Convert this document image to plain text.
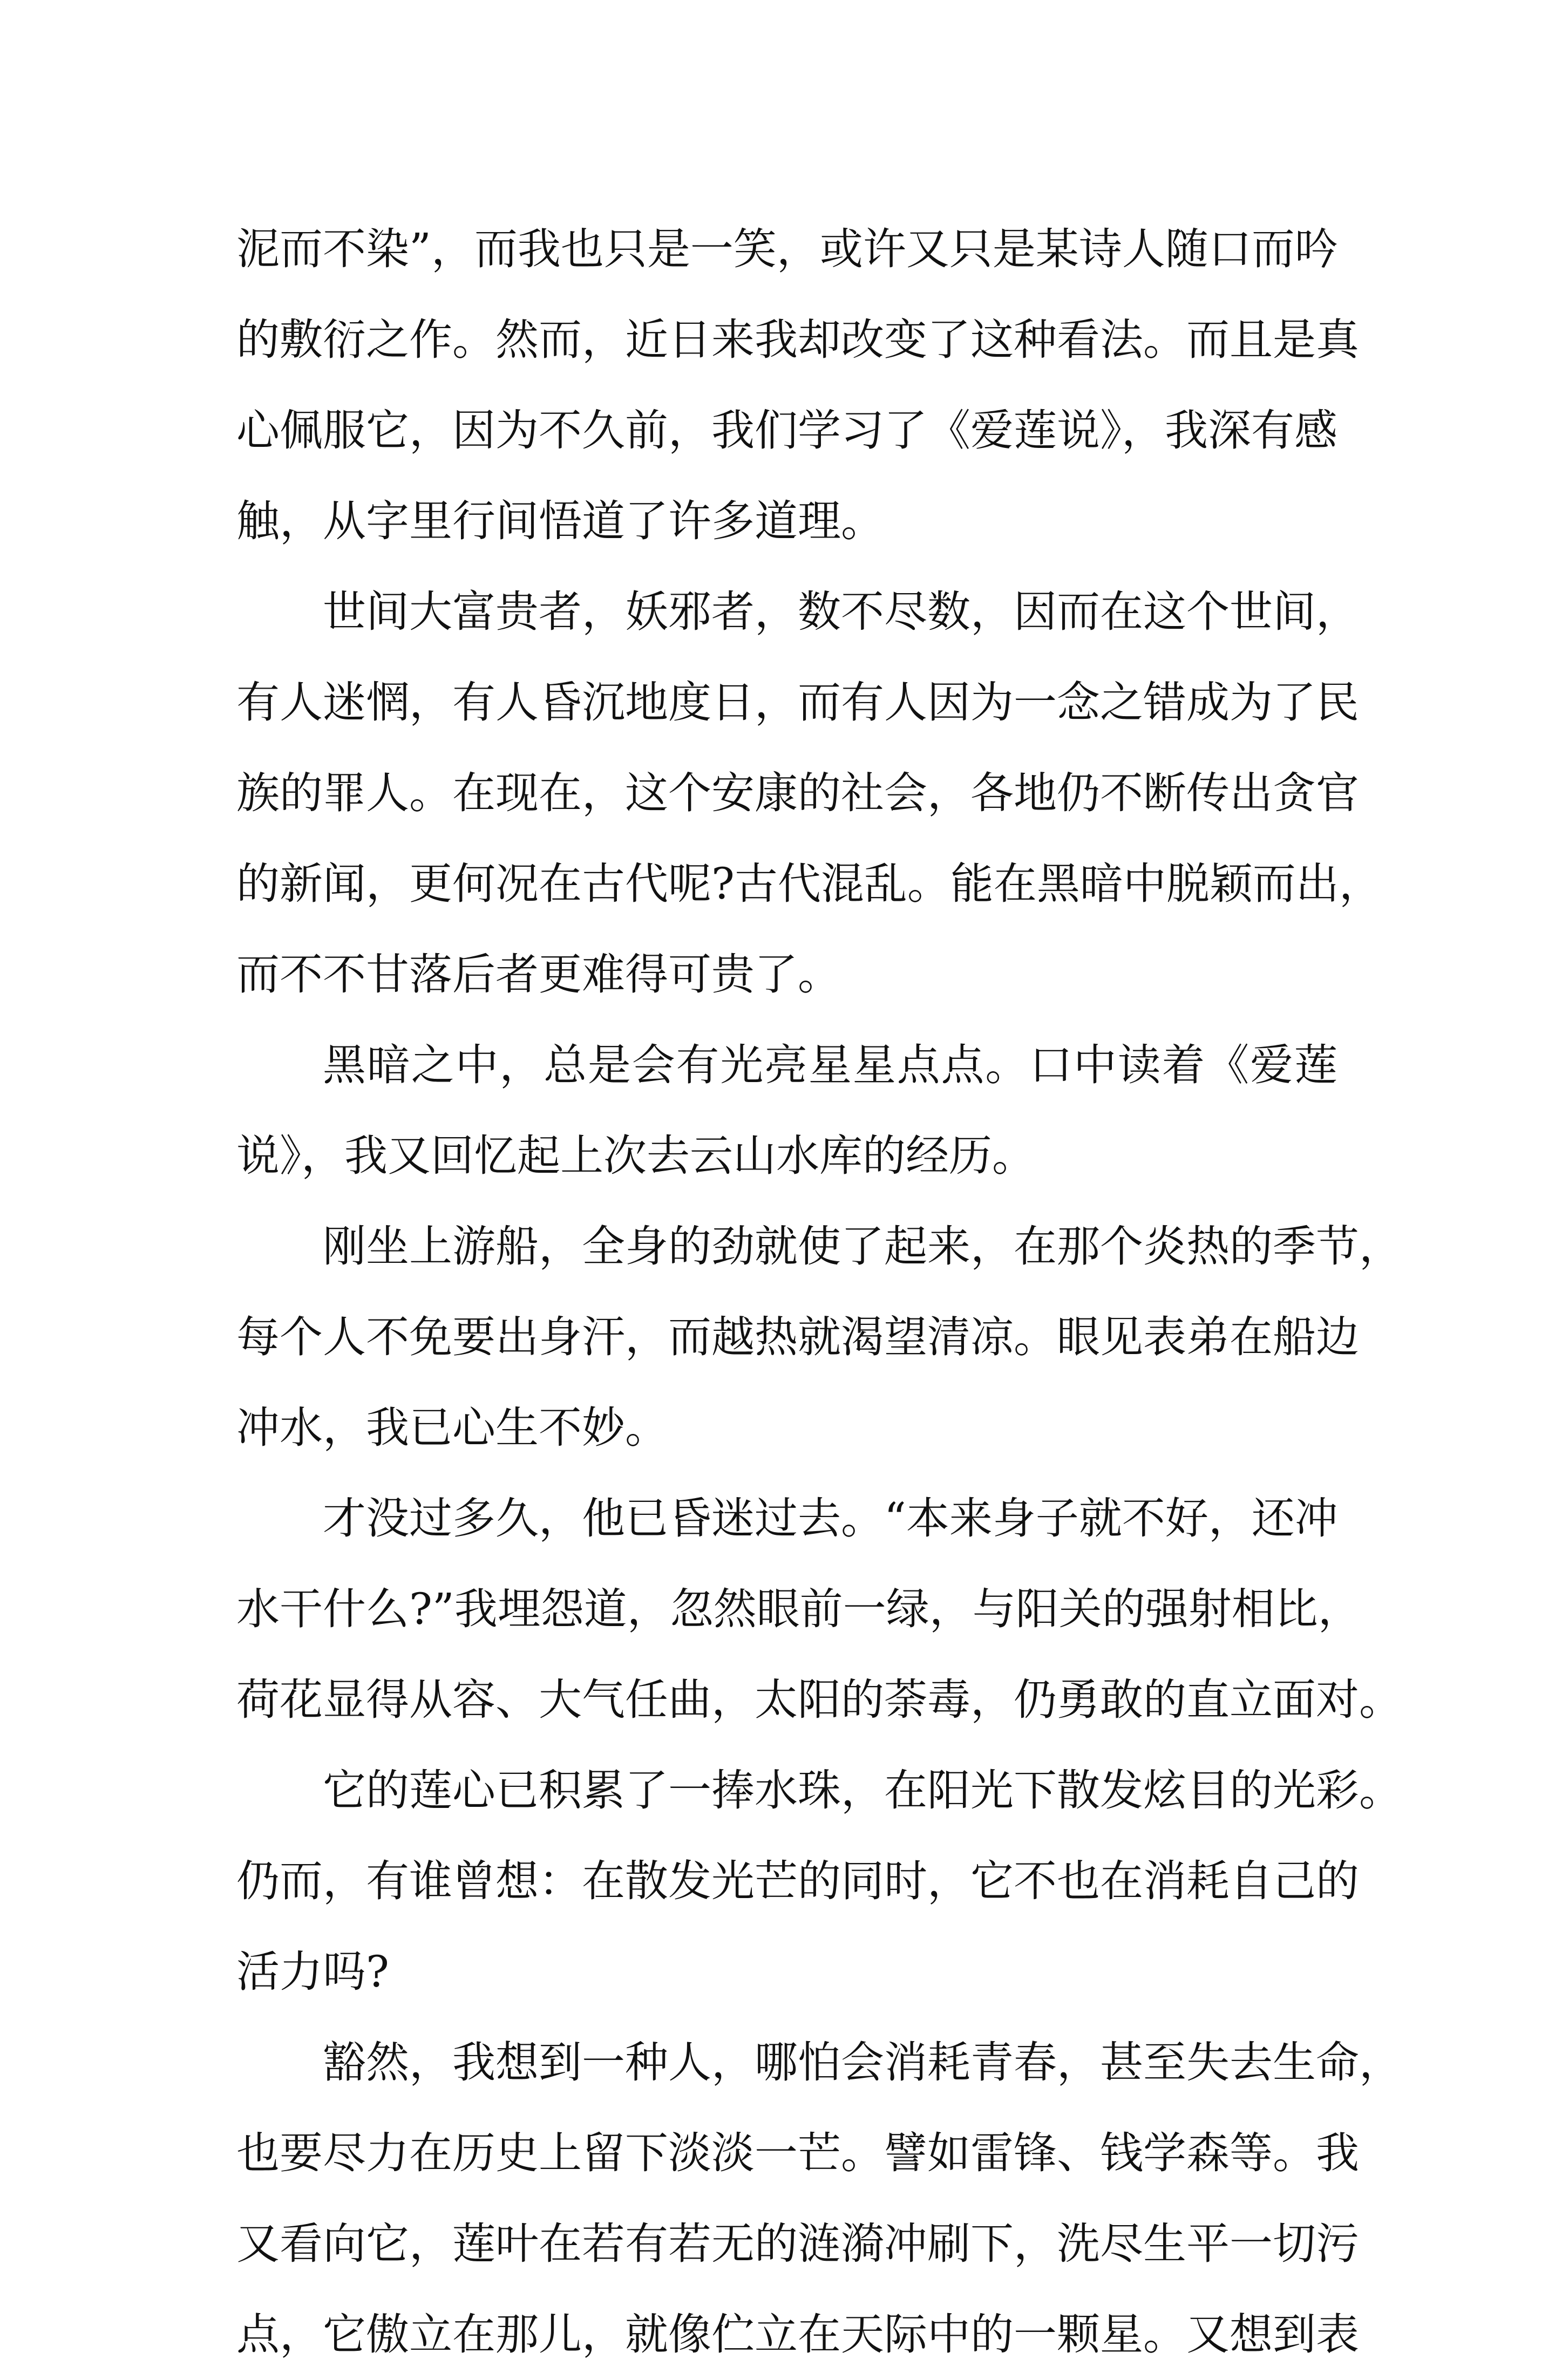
泥而不染”，而我也只是一笑，或许又只是某诗人随口而吟
的敷衍之作。然而，近日来我却改变了这种看法。而且是真
心佩服它，因为不久前，我们学习了《爱莲说》，我深有感
触，从字里行间悟道了许多道理。
世间大富贵者，妖邪者，数不尽数，因而在这个世间，
有人迷惘，有人昏沉地度日，而有人因为一念之错成为了民
族的罪人。在现在，这个安康的社会，各地仍不断传出贪官
的新闻，更何况在古代呢?古代混乱。能在黑暗中脱颖而出，
而不不甘落后者更难得可贵了。
黑暗之中，总是会有光亮星星点点。口中读着《爱莲
说》，我又回忆起上次去云山水库的经历。
刚坐上游船，全身的劲就使了起来，在那个炎热的季节，
每个人不免要出身汗，而越热就渴望清凉。眼见表弟在船边
冲水，我已心生不妙。
才没过多久，他已昏迷过去。“本来身子就不好，还冲
水干什么?”我埋怨道，忽然眼前一绿，与阳关的强射相比，
荷花显得从容、大气任曲，太阳的荼毒，仍勇敢的直立面对。
它的莲心已积累了一捧水珠，在阳光下散发炫目的光彩。
仍而，有谁曾想：在散发光芒的同时，它不也在消耗自己的
活力吗?
豁然，我想到一种人，哪怕会消耗青春，甚至失去生命，
也要尽力在历史上留下淡淡一芒。譬如雷锋、钱学森等。我
又看向它，莲叶在若有若无的涟漪冲刷下，洗尽生平一切污
点，它傲立在那儿，就像伫立在天际中的一颗星。又想到表
